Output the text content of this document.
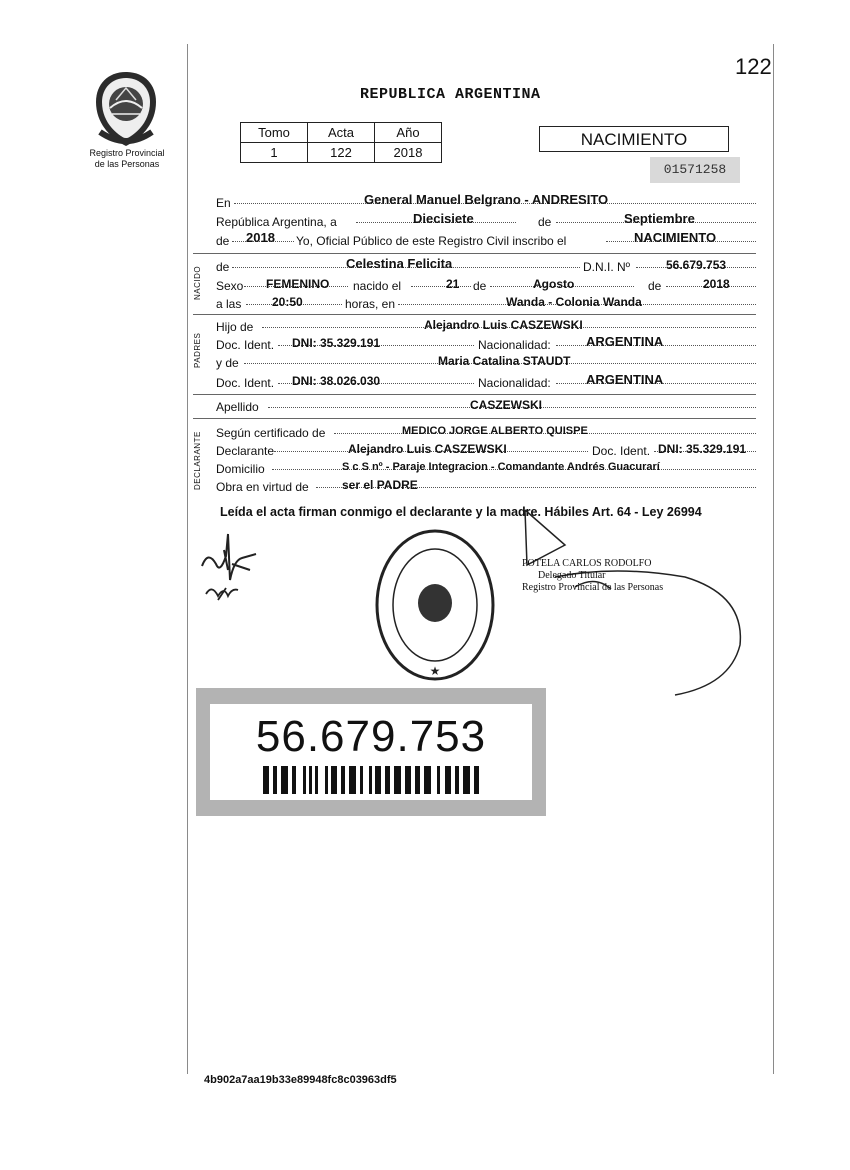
122
Registro Provincial
de las Personas
REPUBLICA ARGENTINA
Tomo	Acta	Año
1	122	2018
NACIMIENTO
01571258
En	General Manuel Belgrano - ANDRESITO
República Argentina, a	Diecisiete	de	Septiembre
de 2018 Yo, Oficial Público de este Registro Civil inscribo el	NACIMIENTO
NACIDO de	Celestina Felicita	D.N.I. Nº	56.679.753
Sexo FEMENINO nacido el	21 de	Agosto	de	2018
a las	20:50	horas, en	Wanda - Colonia Wanda
PADRES
Hijo de	Alejandro Luis CASZEWSKI
Doc. Ident. DNI: 35.329.191	Nacionalidad:	ARGENTINA
y de	Maria Catalina STAUDT
Doc. Ident. DNI: 38.026.030	Nacionalidad:	ARGENTINA
Apellido	CASZEWSKI
DECLARANTE Según certificado de	MEDICO JORGE ALBERTO QUISPE
Declarante	Alejandro Luis CASZEWSKI	Doc. Ident. DNI: 35.329.191
Domicilio	S c S nº - Paraje Integracion - Comandante Andrés Guacurarí
Obra en virtud de	ser el PADRE
Leída el acta firman conmigo el declarante y la madre. Hábiles Art. 64 - Ley 26994
★
POTELA CARLOS RODOLFO
Delegado Titular
Registro Provincial de las Personas
56.679.753
4b902a7aa19b33e89948fc8c03963df5
